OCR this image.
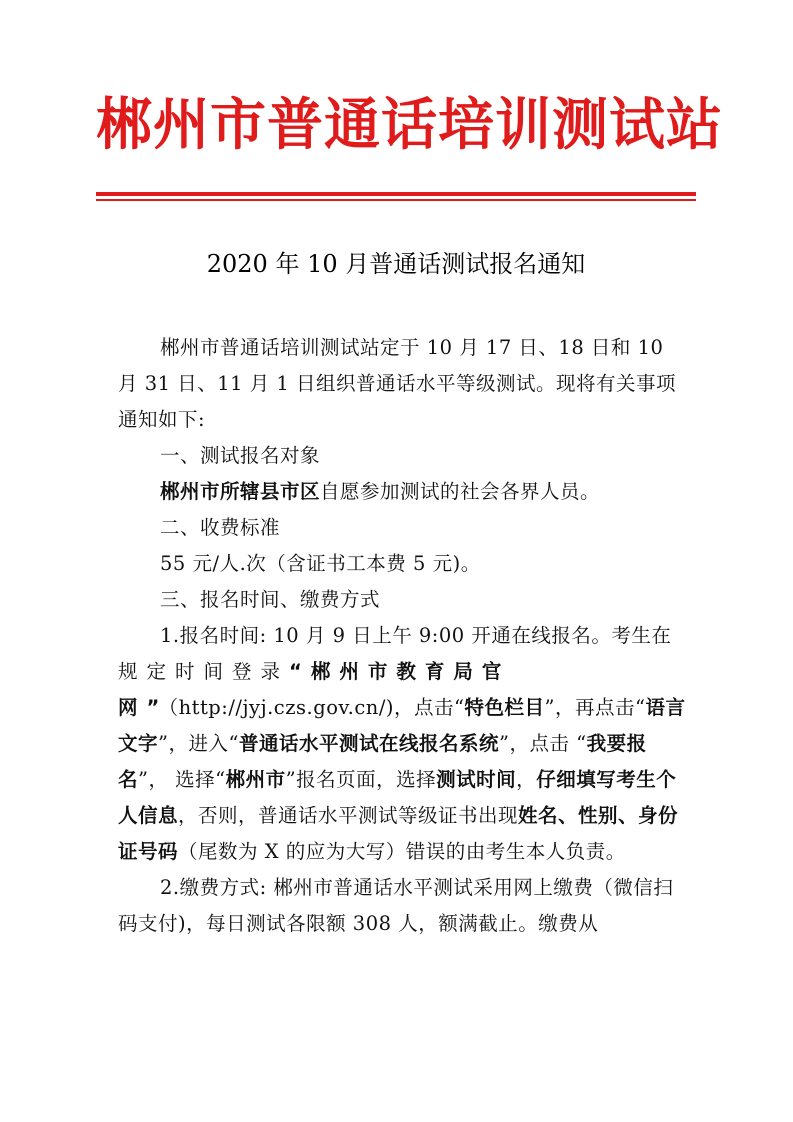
郴州市普通话培训测试站
2020 年 10 月普通话测试报名通知

郴州市普通话培训测试站定于 10 月 17 日、18 日和 10 月 31 日、11 月 1 日组织普通话水平等级测试。现将有关事项通知如下:

一、测试报名对象

郴州市所辖县市区自愿参加测试的社会各界人员。

二、收费标准

55 元/人.次（含证书工本费 5 元)。

三、报名时间、缴费方式

1.报名时间: 10 月 9 日上午 9:00 开通在线报名。考生在规定时间登录“郴州市教育局官网”（http://jyj.czs.gov.cn/)，点击“特色栏目”，再点击“语言文字”，进入“普通话水平测试在线报名系统”，点击 “我要报名”， 选择“郴州市”报名页面，选择测试时间，仔细填写考生个人信息，否则，普通话水平测试等级证书出现姓名、性别、身份证号码（尾数为 X 的应为大写）错误的由考生本人负责。

2.缴费方式: 郴州市普通话水平测试采用网上缴费（微信扫码支付)，每日测试各限额 308 人，额满截止。缴费从
